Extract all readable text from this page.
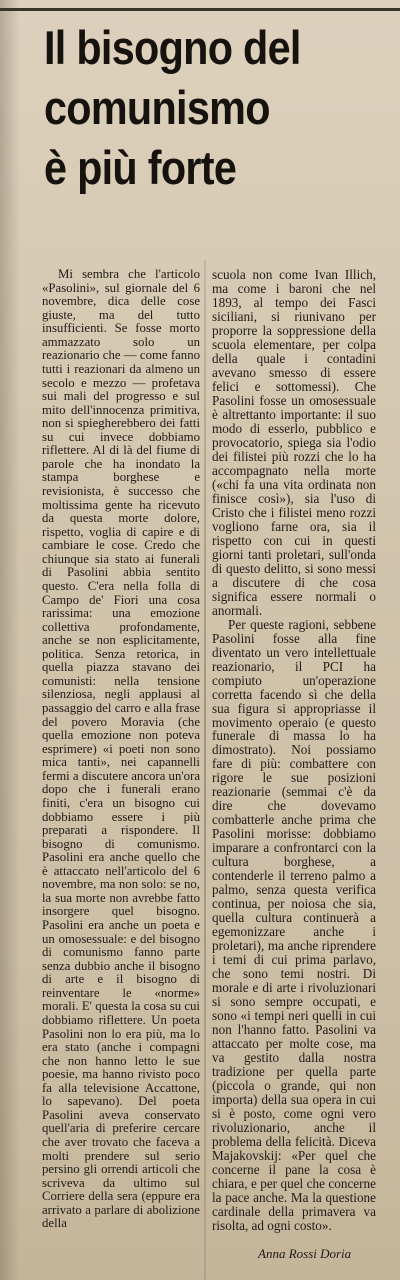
Il bisogno del
comunismo
è più forte

Mi sembra che l'articolo «Pasolini», sul giornale del 6 novembre, dica delle cose giuste, ma del tutto insufficienti. Se fosse morto ammazzato solo un reazionario che — come fanno tutti i reazionari da almeno un secolo e mezzo — profetava sui mali del progresso e sul mito dell'innocenza primitiva, non si spiegherebbero dei fatti su cui invece dobbiamo riflettere. Al di là del fiume di parole che ha inondato la stampa borghese e revisionista, è successo che moltissima gente ha ricevuto da questa morte dolore, rispetto, voglia di capire e di cambiare le cose. Credo che chiunque sia stato ai funerali di Pasolini abbia sentito questo. C'era nella folla di Campo de' Fiori una cosa rarissima: una emozione collettiva profondamente, anche se non esplicitamente, politica. Senza retorica, in quella piazza stavano dei comunisti: nella tensione silenziosa, negli applausi al passaggio del carro e alla frase del povero Moravia (che quella emozione non poteva esprimere) «i poeti non sono mica tanti», nei capannelli fermi a discutere ancora un'ora dopo che i funerali erano finiti, c'era un bisogno cui dobbiamo essere i più preparati a rispondere. Il bisogno di comunismo. Pasolini era anche quello che è attaccato nell'articolo del 6 novembre, ma non solo: se no, la sua morte non avrebbe fatto insorgere quel bisogno. Pasolini era anche un poeta e un omosessuale: e del bisogno di comunismo fanno parte senza dubbio anche il bisogno di arte e il bisogno di reinventare le «norme» morali. E' questa la cosa su cui dobbiamo riflettere. Un poeta Pasolini non lo era più, ma lo era stato (anche i compagni che non hanno letto le sue poesie, ma hanno rivisto poco fa alla televisione Accattone, lo sapevano). Del poeta Pasolini aveva conservato quell'aria di preferire cercare che aver trovato che faceva a molti prendere sul serio persino gli orrendi articoli che scriveva da ultimo sul Corriere della sera (eppure era arrivato a parlare di abolizione della

scuola non come Ivan Illich, ma come i baroni che nel 1893, al tempo dei Fasci siciliani, si riunivano per proporre la soppressione della scuola elementare, per colpa della quale i contadini avevano smesso di essere felici e sottomessi). Che Pasolini fosse un omosessuale è altrettanto importante: il suo modo di esserlo, pubblico e provocatorio, spiega sia l'odio dei filistei più rozzi che lo ha accompagnato nella morte («chi fa una vita ordinata non finisce così»), sia l'uso di Cristo che i filistei meno rozzi vogliono farne ora, sia il rispetto con cui in questi giorni tanti proletari, sull'onda di questo delitto, si sono messi a discutere di che cosa significa essere normali o anormali.

Per queste ragioni, sebbene Pasolini fosse alla fine diventato un vero intellettuale reazionario, il PCI ha compiuto un'operazione corretta facendo sì che della sua figura si appropriasse il movimento operaio (e questo funerale di massa lo ha dimostrato). Noi possiamo fare di più: combattere con rigore le sue posizioni reazionarie (semmai c'è da dire che dovevamo combatterle anche prima che Pasolini morisse: dobbiamo imparare a confrontarci con la cultura borghese, a contenderle il terreno palmo a palmo, senza questa verifica continua, per noiosa che sia, quella cultura continuerà a egemonizzare anche i proletari), ma anche riprendere i temi di cui prima parlavo, che sono temi nostri. Di morale e di arte i rivoluzionari si sono sempre occupati, e sono «i tempi neri quelli in cui non l'hanno fatto. Pasolini va attaccato per molte cose, ma va gestito dalla nostra tradizione per quella parte (piccola o grande, qui non importa) della sua opera in cui si è posto, come ogni vero rivoluzionario, anche il problema della felicità. Diceva Majakovskij: «Per quel che concerne il pane la cosa è chiara, e per quel che concerne la pace anche. Ma la questione cardinale della primavera va risolta, ad ogni costo».

Anna Rossi Doria
